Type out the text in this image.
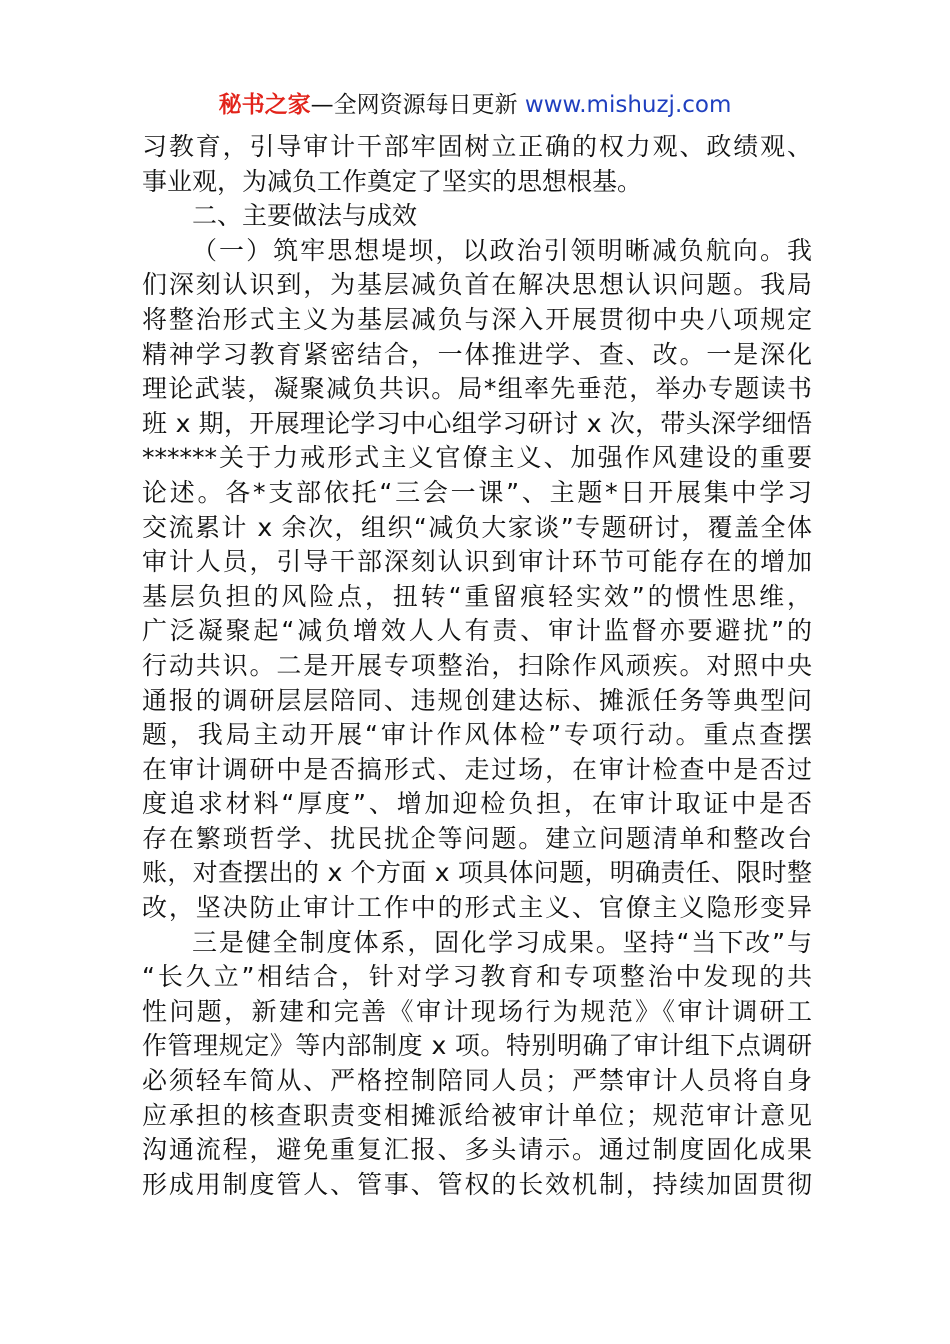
秘书之家—全网资源每日更新 www.mishuzj.com
习教育，引导审计干部牢固树立正确的权力观、政绩观、
事业观，为减负工作奠定了坚实的思想根基。
二、主要做法与成效
（一）筑牢思想堤坝，以政治引领明晰减负航向。我
们深刻认识到，为基层减负首在解决思想认识问题。我局
将整治形式主义为基层减负与深入开展贯彻中央八项规定
精神学习教育紧密结合，一体推进学、查、改。一是深化
理论武装，凝聚减负共识。局*组率先垂范，举办专题读书
班 x 期，开展理论学习中心组学习研讨 x 次，带头深学细悟
******关于力戒形式主义官僚主义、加强作风建设的重要
论述。各*支部依托“三会一课”、主题*日开展集中学习
交流累计 x 余次，组织“减负大家谈”专题研讨，覆盖全体
审计人员，引导干部深刻认识到审计环节可能存在的增加
基层负担的风险点，扭转“重留痕轻实效”的惯性思维，
广泛凝聚起“减负增效人人有责、审计监督亦要避扰”的
行动共识。二是开展专项整治，扫除作风顽疾。对照中央
通报的调研层层陪同、违规创建达标、摊派任务等典型问
题，我局主动开展“审计作风体检”专项行动。重点查摆
在审计调研中是否搞形式、走过场，在审计检查中是否过
度追求材料“厚度”、增加迎检负担，在审计取证中是否
存在繁琐哲学、扰民扰企等问题。建立问题清单和整改台
账，对查摆出的 x 个方面 x 项具体问题，明确责任、限时整
改，坚决防止审计工作中的形式主义、官僚主义隐形变异
三是健全制度体系，固化学习成果。坚持“当下改”与
“长久立”相结合，针对学习教育和专项整治中发现的共
性问题，新建和完善《审计现场行为规范》《审计调研工
作管理规定》等内部制度 x 项。特别明确了审计组下点调研
必须轻车简从、严格控制陪同人员；严禁审计人员将自身
应承担的核查职责变相摊派给被审计单位；规范审计意见
沟通流程，避免重复汇报、多头请示。通过制度固化成果
形成用制度管人、管事、管权的长效机制，持续加固贯彻
